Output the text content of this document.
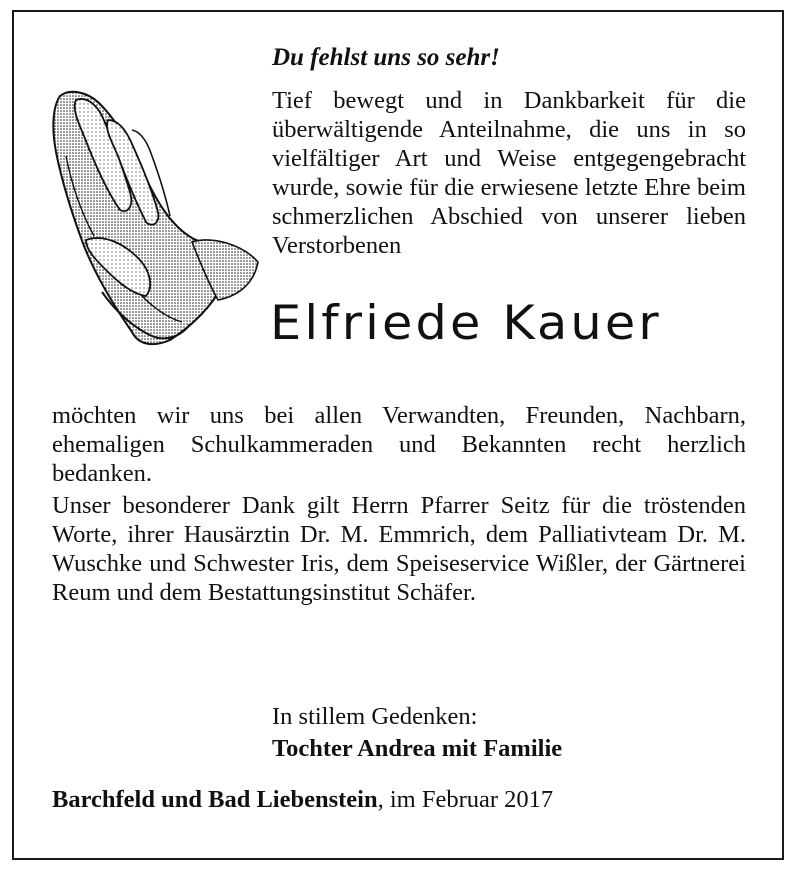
Du fehlst uns so sehr!

Tief bewegt und in Dankbarkeit für die überwältigende Anteilnahme, die uns in so vielfältiger Art und Weise entgegengebracht wurde, sowie für die erwiesene letzte Ehre beim schmerzlichen Abschied von unserer lieben Verstorbenen

Elfriede Kauer

möchten wir uns bei allen Verwandten, Freunden, Nachbarn, ehemaligen Schulkammeraden und Bekannten recht herzlich bedanken.

Unser besonderer Dank gilt Herrn Pfarrer Seitz für die tröstenden Worte, ihrer Hausärztin Dr. M. Emmrich, dem Palliativteam Dr. M. Wuschke und Schwester Iris, dem Speiseservice Wißler, der Gärtnerei Reum und dem Bestattungsinstitut Schäfer.

In stillem Gedenken:
Tochter Andrea mit Familie
Barchfeld und Bad Liebenstein, im Februar 2017
